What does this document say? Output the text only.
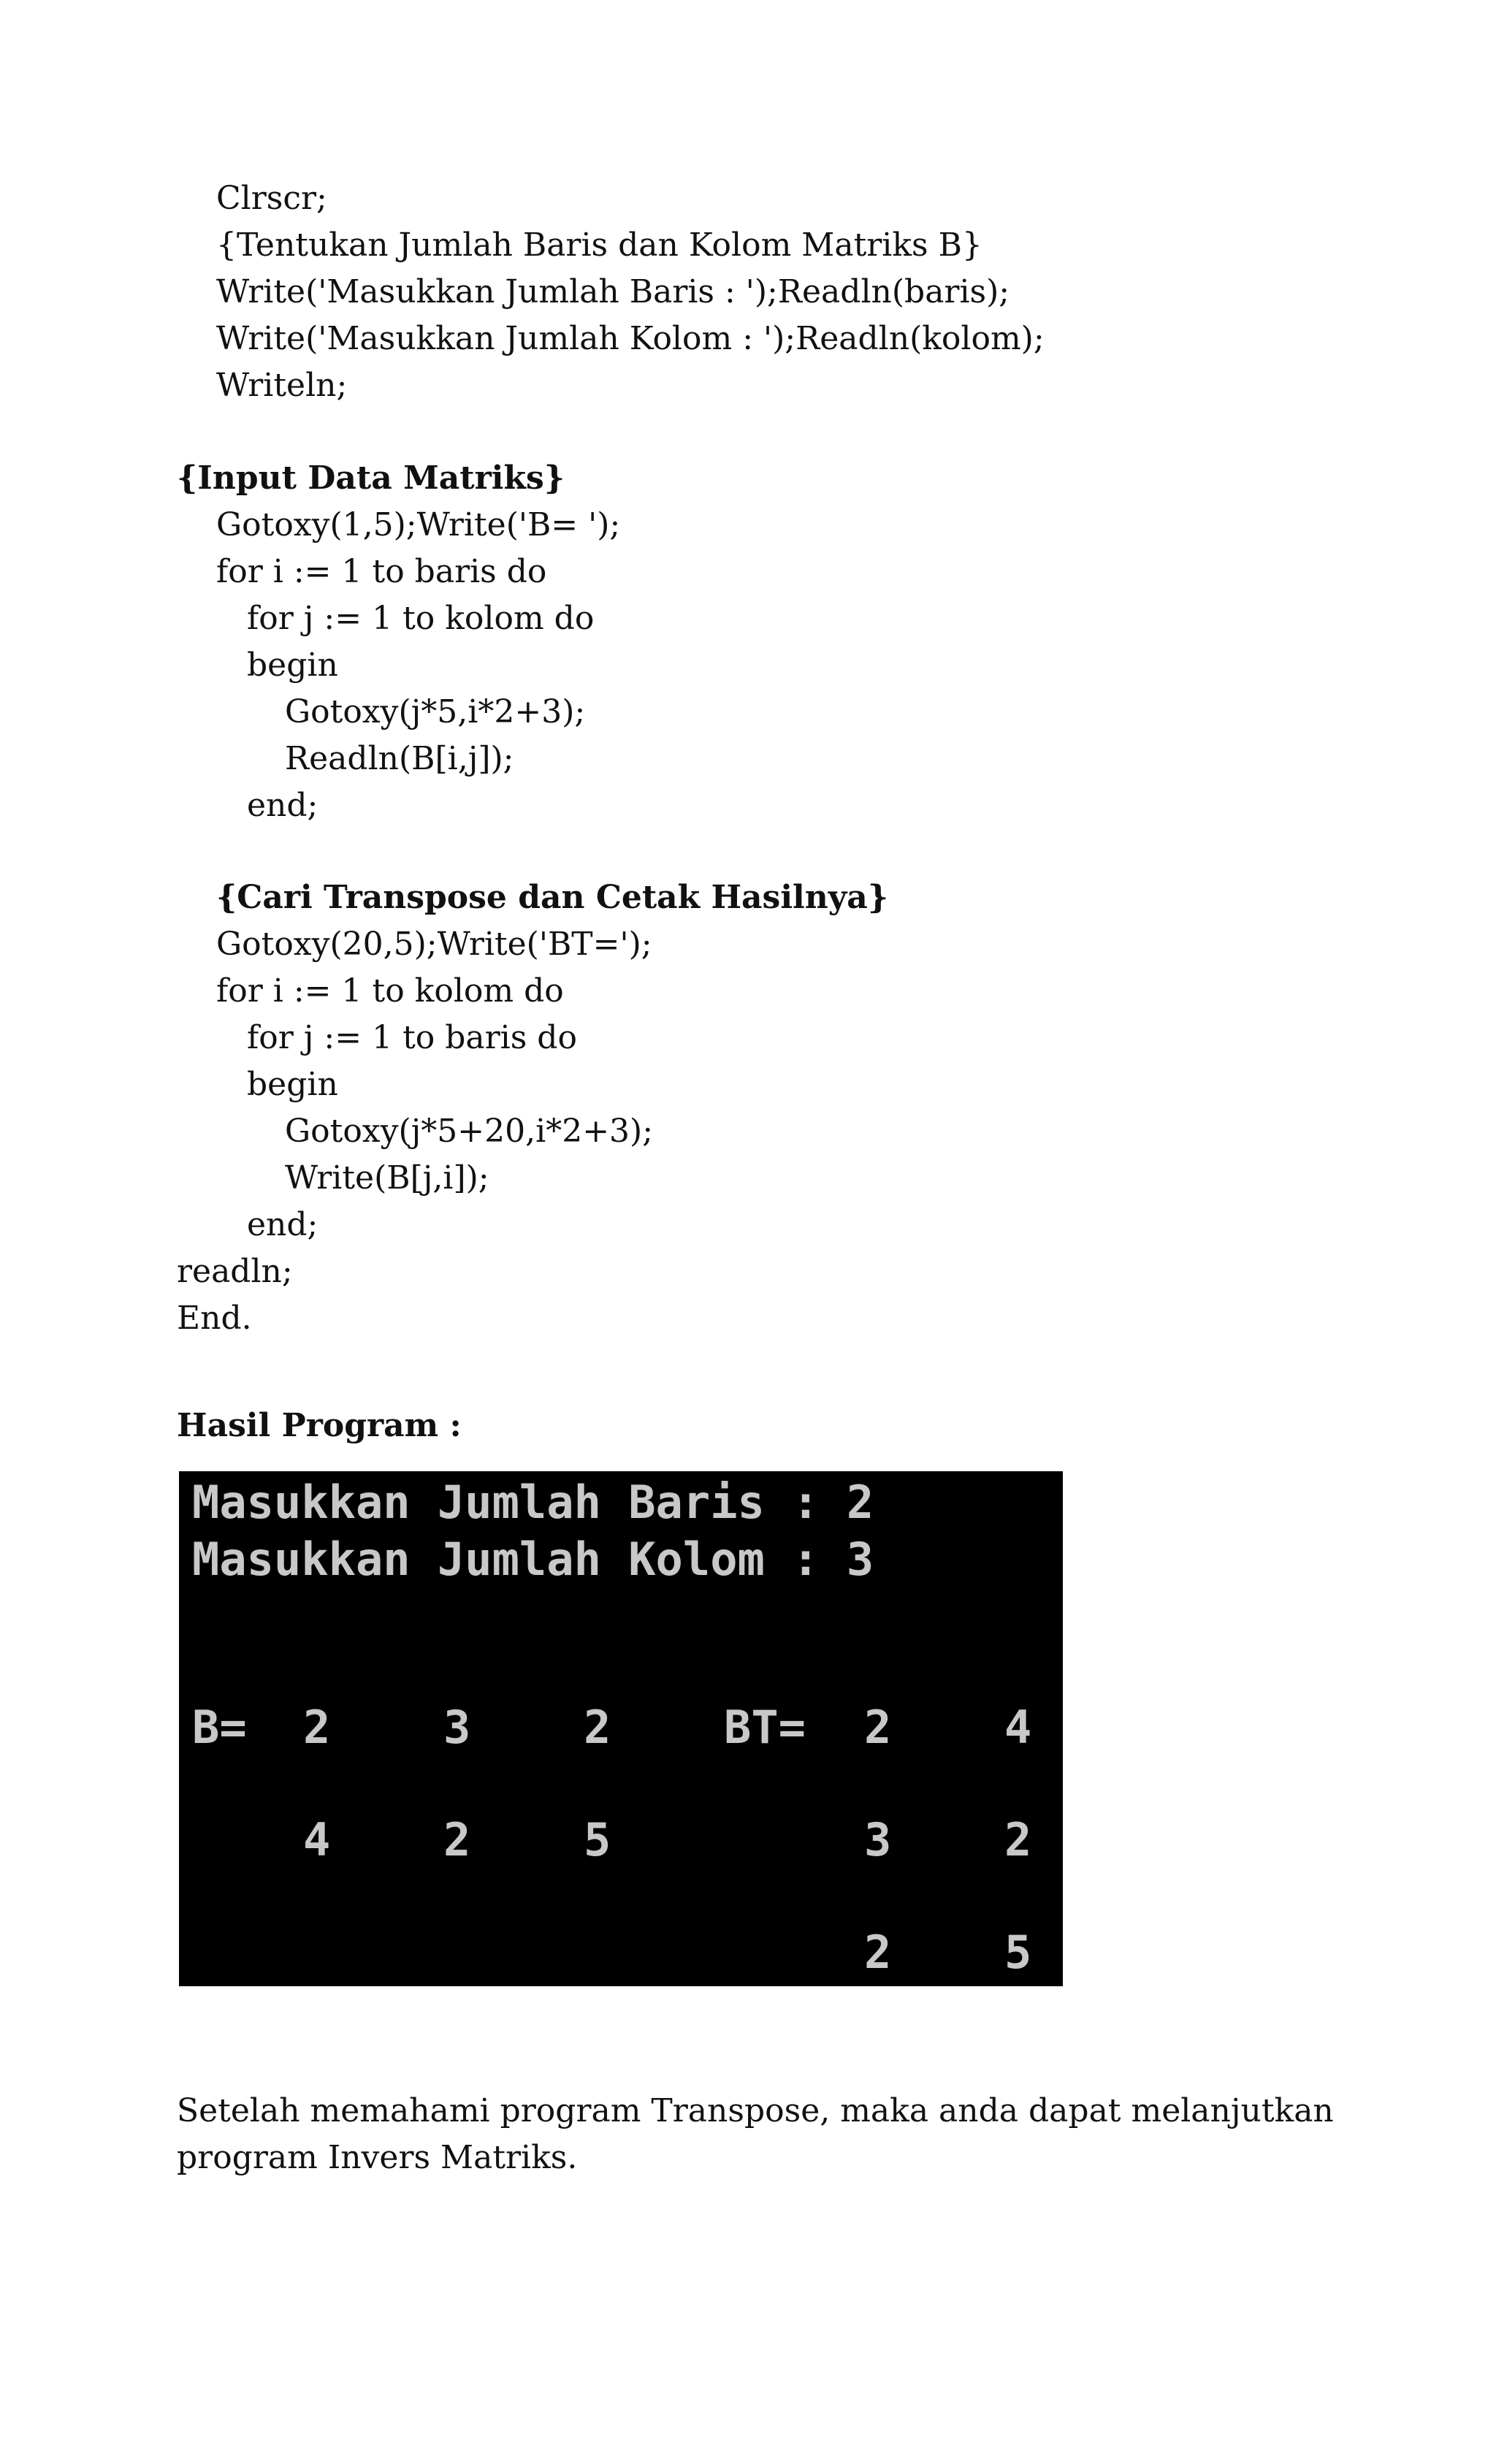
Clrscr;
{Tentukan Jumlah Baris dan Kolom Matriks B}
Write('Masukkan Jumlah Baris : ');Readln(baris);
Write('Masukkan Jumlah Kolom : ');Readln(kolom);
Writeln;
{Input Data Matriks}
Gotoxy(1,5);Write('B= ');
for i := 1 to baris do
for j := 1 to kolom do
begin
Gotoxy(j*5,i*2+3);
Readln(B[i,j]);
end;
{Cari Transpose dan Cetak Hasilnya}
Gotoxy(20,5);Write('BT=');
for i := 1 to kolom do
for j := 1 to baris do
begin
Gotoxy(j*5+20,i*2+3);
Write(B[j,i]);
end;
readln;
End.
Hasil Program :
Masukkan Jumlah Baris : 2
Masukkan Jumlah Kolom : 3
B= 2 3 2
4 2 5
BT= 2 4
3 2
2 5
Setelah memahami program Transpose, maka anda dapat melanjutkan
program Invers Matriks.
